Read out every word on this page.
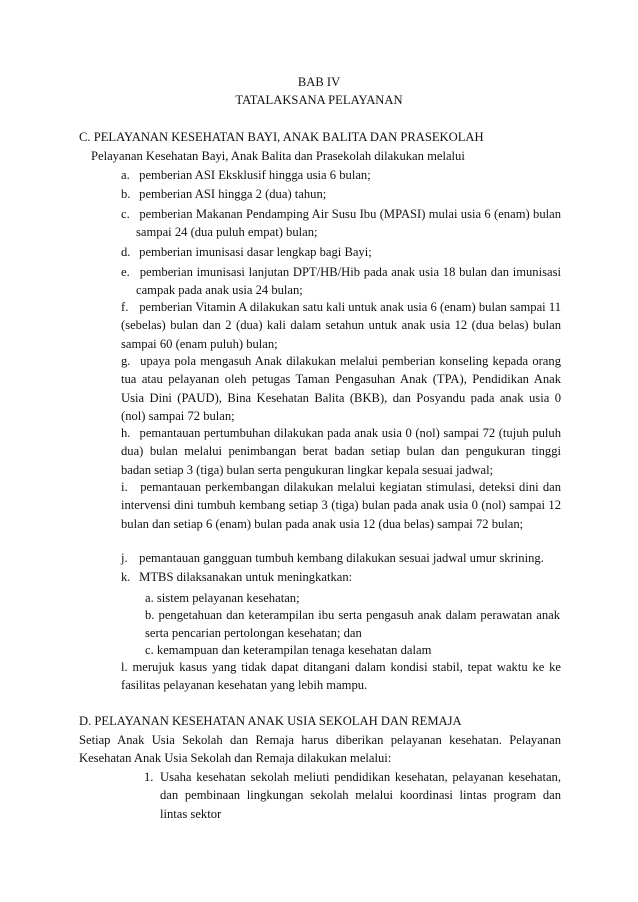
BAB IV
TATALAKSANA PELAYANAN
C. PELAYANAN KESEHATAN BAYI, ANAK BALITA DAN PRASEKOLAH
Pelayanan Kesehatan Bayi, Anak Balita dan Prasekolah dilakukan melalui
a. pemberian ASI Eksklusif hingga usia 6 bulan;
b. pemberian ASI hingga 2 (dua) tahun;
c. pemberian Makanan Pendamping Air Susu Ibu (MPASI) mulai usia 6 (enam) bulan sampai 24 (dua puluh empat) bulan;
d. pemberian imunisasi dasar lengkap bagi Bayi;
e. pemberian imunisasi lanjutan DPT/HB/Hib pada anak usia 18 bulan dan imunisasi campak pada anak usia 24 bulan;
f. pemberian Vitamin A dilakukan satu kali untuk anak usia 6 (enam) bulan sampai 11 (sebelas) bulan dan 2 (dua) kali dalam setahun untuk anak usia 12 (dua belas) bulan sampai 60 (enam puluh) bulan;
g. upaya pola mengasuh Anak dilakukan melalui pemberian konseling kepada orang tua atau pelayanan oleh petugas Taman Pengasuhan Anak (TPA), Pendidikan Anak Usia Dini (PAUD), Bina Kesehatan Balita (BKB), dan Posyandu pada anak usia 0 (nol) sampai 72 bulan;
h. pemantauan pertumbuhan dilakukan pada anak usia 0 (nol) sampai 72 (tujuh puluh dua) bulan melalui penimbangan berat badan setiap bulan dan pengukuran tinggi badan setiap 3 (tiga) bulan serta pengukuran lingkar kepala sesuai jadwal;
i. pemantauan perkembangan dilakukan melalui kegiatan stimulasi, deteksi dini dan intervensi dini tumbuh kembang setiap 3 (tiga) bulan pada anak usia 0 (nol) sampai 12 bulan dan setiap 6 (enam) bulan pada anak usia 12 (dua belas) sampai 72 bulan;
j. pemantauan gangguan tumbuh kembang dilakukan sesuai jadwal umur skrining.
k. MTBS dilaksanakan untuk meningkatkan:
a. sistem pelayanan kesehatan;
b. pengetahuan dan keterampilan ibu serta pengasuh anak dalam perawatan anak serta pencarian pertolongan kesehatan; dan
c. kemampuan dan keterampilan tenaga kesehatan dalam
l. merujuk kasus yang tidak dapat ditangani dalam kondisi stabil, tepat waktu ke ke fasilitas pelayanan kesehatan yang lebih mampu.
D. PELAYANAN KESEHATAN ANAK USIA SEKOLAH DAN REMAJA
Setiap Anak Usia Sekolah dan Remaja harus diberikan pelayanan kesehatan. Pelayanan Kesehatan Anak Usia Sekolah dan Remaja dilakukan melalui:
1. Usaha kesehatan sekolah meliuti pendidikan kesehatan, pelayanan kesehatan, dan pembinaan lingkungan sekolah melalui koordinasi lintas program dan lintas sektor
